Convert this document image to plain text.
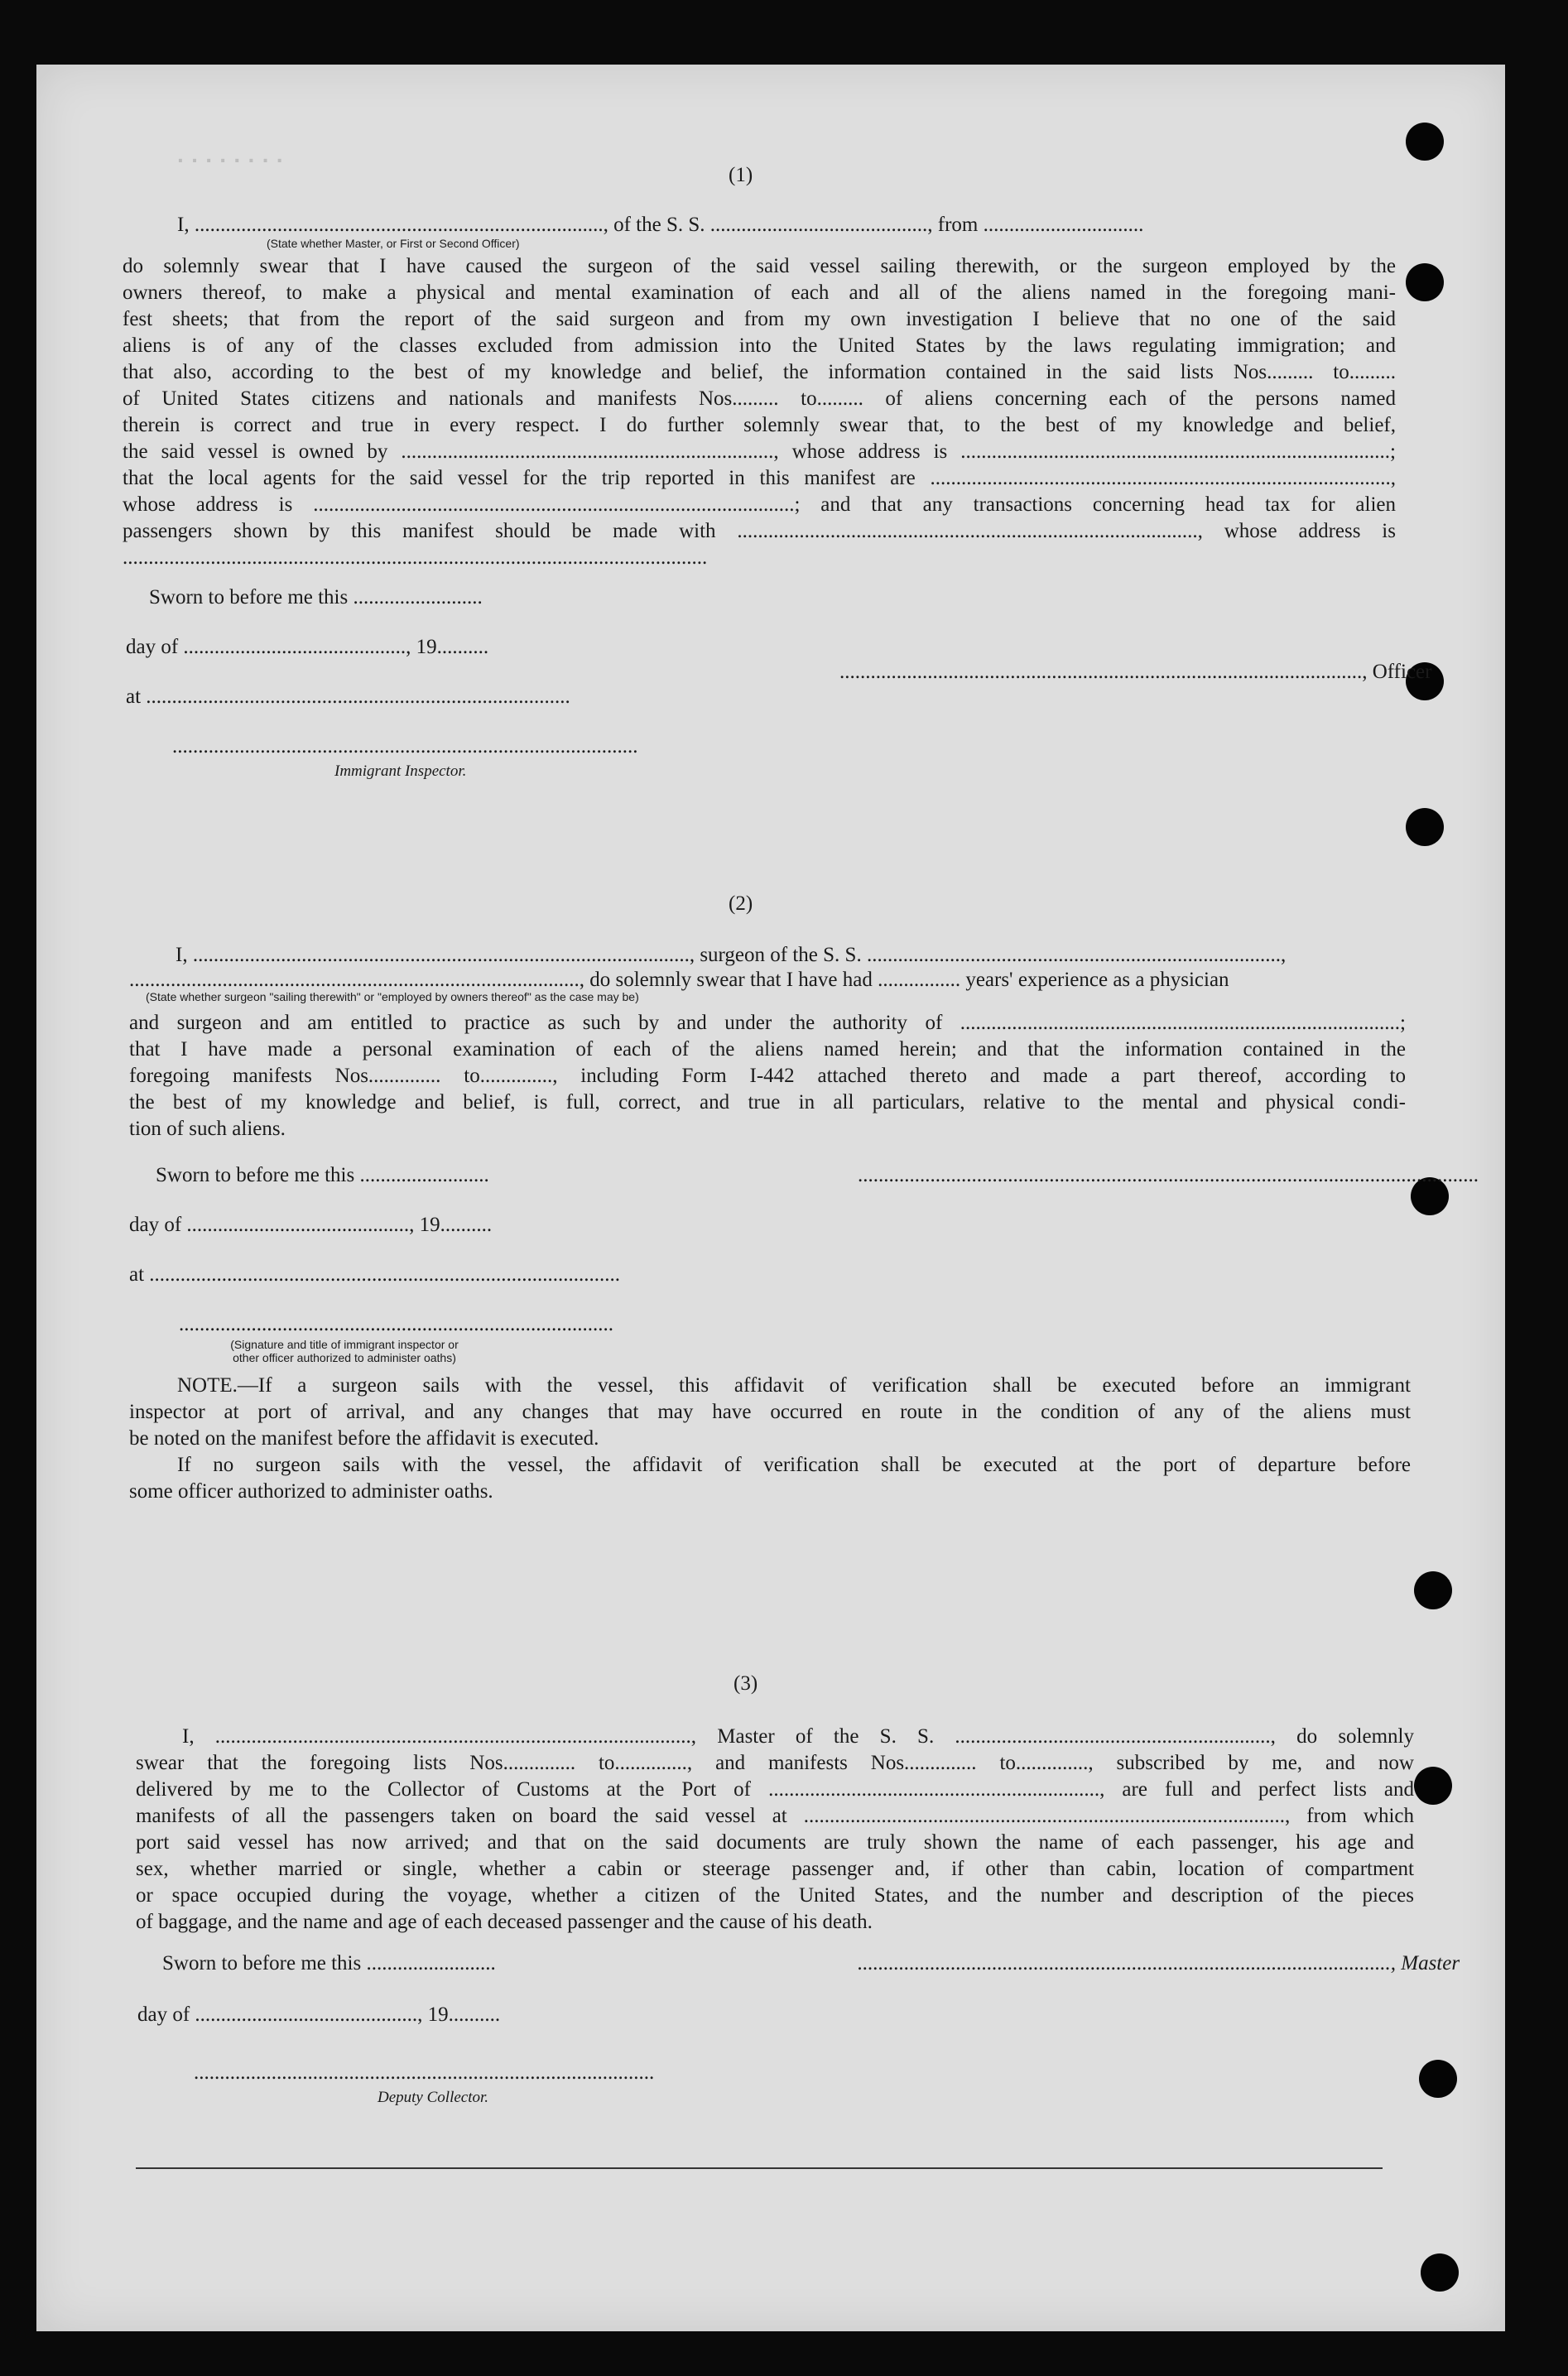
· · · · · · · ·
(1)
I, ..............................................................................., of the S. S. .........................................., from ...............................
(State whether Master, or First or Second Officer)
do solemnly swear that I have caused the surgeon of the said vessel sailing therewith, or the surgeon employed by the
owners thereof, to make a physical and mental examination of each and all of the aliens named in the foregoing mani-
fest sheets; that from the report of the said surgeon and from my own investigation I believe that no one of the said
aliens is of any of the classes excluded from admission into the United States by the laws regulating immigration; and
that also, according to the best of my knowledge and belief, the information contained in the said lists Nos......... to.........
of United States citizens and nationals and manifests Nos......... to......... of aliens concerning each of the persons named
therein is correct and true in every respect. I do further solemnly swear that, to the best of my knowledge and belief,
the said vessel is owned by ........................................................................, whose address is ...................................................................................;
that the local agents for the said vessel for the trip reported in this manifest are .........................................................................................,
whose address is .............................................................................................; and that any transactions concerning head tax for alien
passengers shown by this manifest should be made with ........................................................................................., whose address is
.................................................................................................................
Sworn to before me this .........................
day of ..........................................., 19..........
....................................................................................................., Officer
at ..................................................................................
..........................................................................................
Immigrant Inspector.
(2)
I, ................................................................................................, surgeon of the S. S. ................................................................................,
......................................................................................., do solemnly swear that I have had ................ years' experience as a physician
(State whether surgeon "sailing therewith" or "employed by owners thereof" as the case may be)
and surgeon and am entitled to practice as such by and under the authority of .....................................................................................;
that I have made a personal examination of each of the aliens named herein; and that the information contained in the
foregoing manifests Nos.............. to.............., including Form I-442 attached thereto and made a part thereof, according to
the best of my knowledge and belief, is full, correct, and true in all particulars, relative to the mental and physical condi-
tion of such aliens.
Sworn to before me this .........................	........................................................................................................................
day of ..........................................., 19..........
at ...........................................................................................
....................................................................................
(Signature and title of immigrant inspector or
other officer authorized to administer oaths)
NOTE.—If a surgeon sails with the vessel, this affidavit of verification shall be executed before an immigrant
inspector at port of arrival, and any changes that may have occurred en route in the condition of any of the aliens must
be noted on the manifest before the affidavit is executed.
If no surgeon sails with the vessel, the affidavit of verification shall be executed at the port of departure before
some officer authorized to administer oaths.
(3)
I, ............................................................................................, Master of the S. S. ............................................................., do solemnly
swear that the foregoing lists Nos.............. to.............., and manifests Nos.............. to.............., subscribed by me, and now
delivered by me to the Collector of Customs at the Port of ................................................................, are full and perfect lists and
manifests of all the passengers taken on board the said vessel at ............................................................................................., from which
port said vessel has now arrived; and that on the said documents are truly shown the name of each passenger, his age and
sex, whether married or single, whether a cabin or steerage passenger and, if other than cabin, location of compartment
or space occupied during the voyage, whether a citizen of the United States, and the number and description of the pieces
of baggage, and the name and age of each deceased passenger and the cause of his death.
Sworn to before me this .........................	......................................................................................................., Master
day of ..........................................., 19..........
.........................................................................................
Deputy Collector.
